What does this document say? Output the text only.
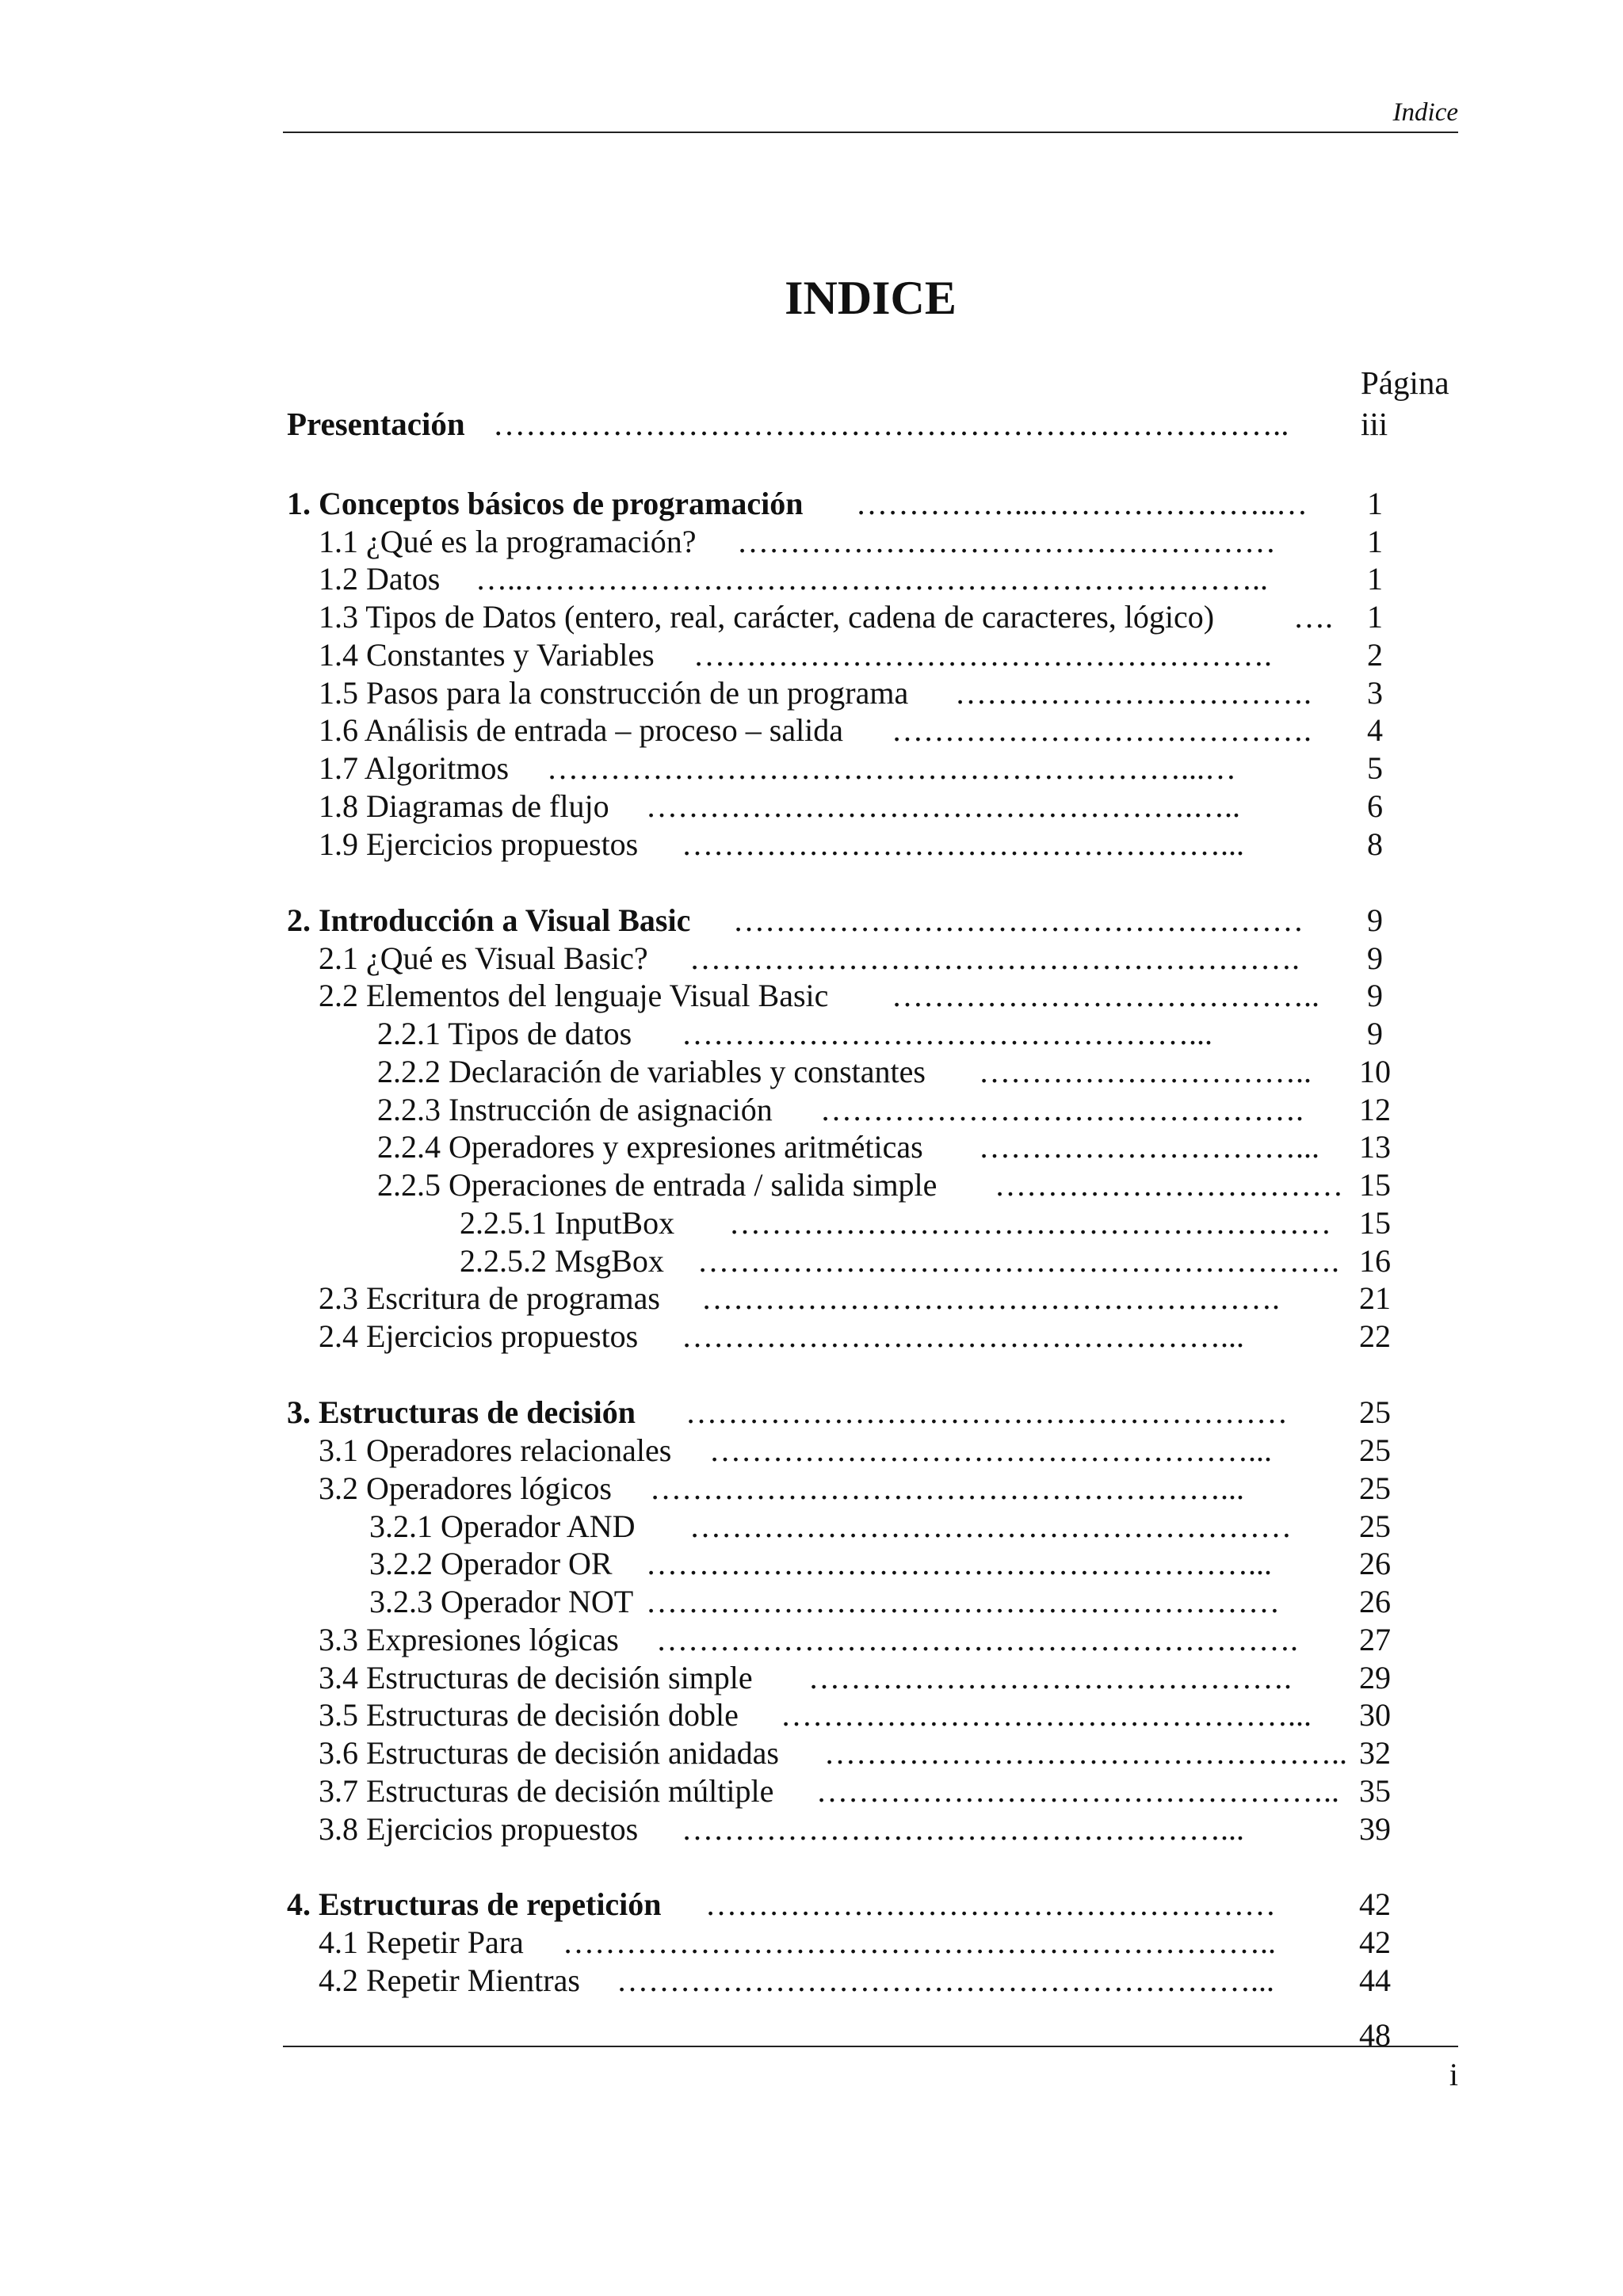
Indice
INDICE
Página
Presentación ……………………………………………………………….. iii
1. Conceptos básicos de programación ……………...…………………..…	1
1.1 ¿Qué es la programación? ……………………………………………	1
1.2 Datos …..……………………………………………………………..	1
1.3 Tipos de Datos (entero, real, carácter, cadena de caracteres, lógico) ….	1
1.4 Constantes y Variables ……………………………………………….	2
1.5 Pasos para la construcción de un programa …………………………….	3
1.6 Análisis de entrada – proceso – salida ………………………………….	4
1.7 Algoritmos ……………………………………………………...…	5
1.8 Diagramas de flujo …………………………………………….…..	6
1.9 Ejercicios propuestos ……………………………………………...	8
2. Introducción a Visual Basic ………………………………………………	9
2.1 ¿Qué es Visual Basic? ………………………………………………….	9
2.2 Elementos del lenguaje Visual Basic …………………………………..	9
2.2.1 Tipos de datos …………………………………………...	9
2.2.2 Declaración de variables y constantes ………………………….. 10
2.2.3 Instrucción de asignación ………………………………………. 12
2.2.4 Operadores y expresiones aritméticas …………………………... 13
2.2.5 Operaciones de entrada / salida simple …………………………… 15
2.2.5.1 InputBox ………………………………………………… 15
2.2.5.2 MsgBox ……………………………………………………. 16
2.3 Escritura de programas ……………………………………………….	21
2.4 Ejercicios propuestos ……………………………………………...	22
3. Estructuras de decisión ………………………………………………… 25
3.1 Operadores relacionales ……………………………………………...	25
3.2 Operadores lógicos ………………………………………………...	25
3.2.1 Operador AND ………………………………………………… 25
3.2.2 Operador OR …………………………………………………...	26
3.2.3 Operador NOT ……………………………………………………	26
3.3 Expresiones lógicas ……………………………………………………. 27
3.4 Estructuras de decisión simple ………………………………………. 29
3.5 Estructuras de decisión doble …………………………………………... 30
3.6 Estructuras de decisión anidadas ………………………………………….. 32
3.7 Estructuras de decisión múltiple ………………………………………….. 35
3.8 Ejercicios propuestos ……………………………………………...	39
4. Estructuras de repetición ………………………………………………	42
4.1 Repetir Para …………………………………………………………..	42
4.2 Repetir Mientras ……………………………………………………...	44
48
i
